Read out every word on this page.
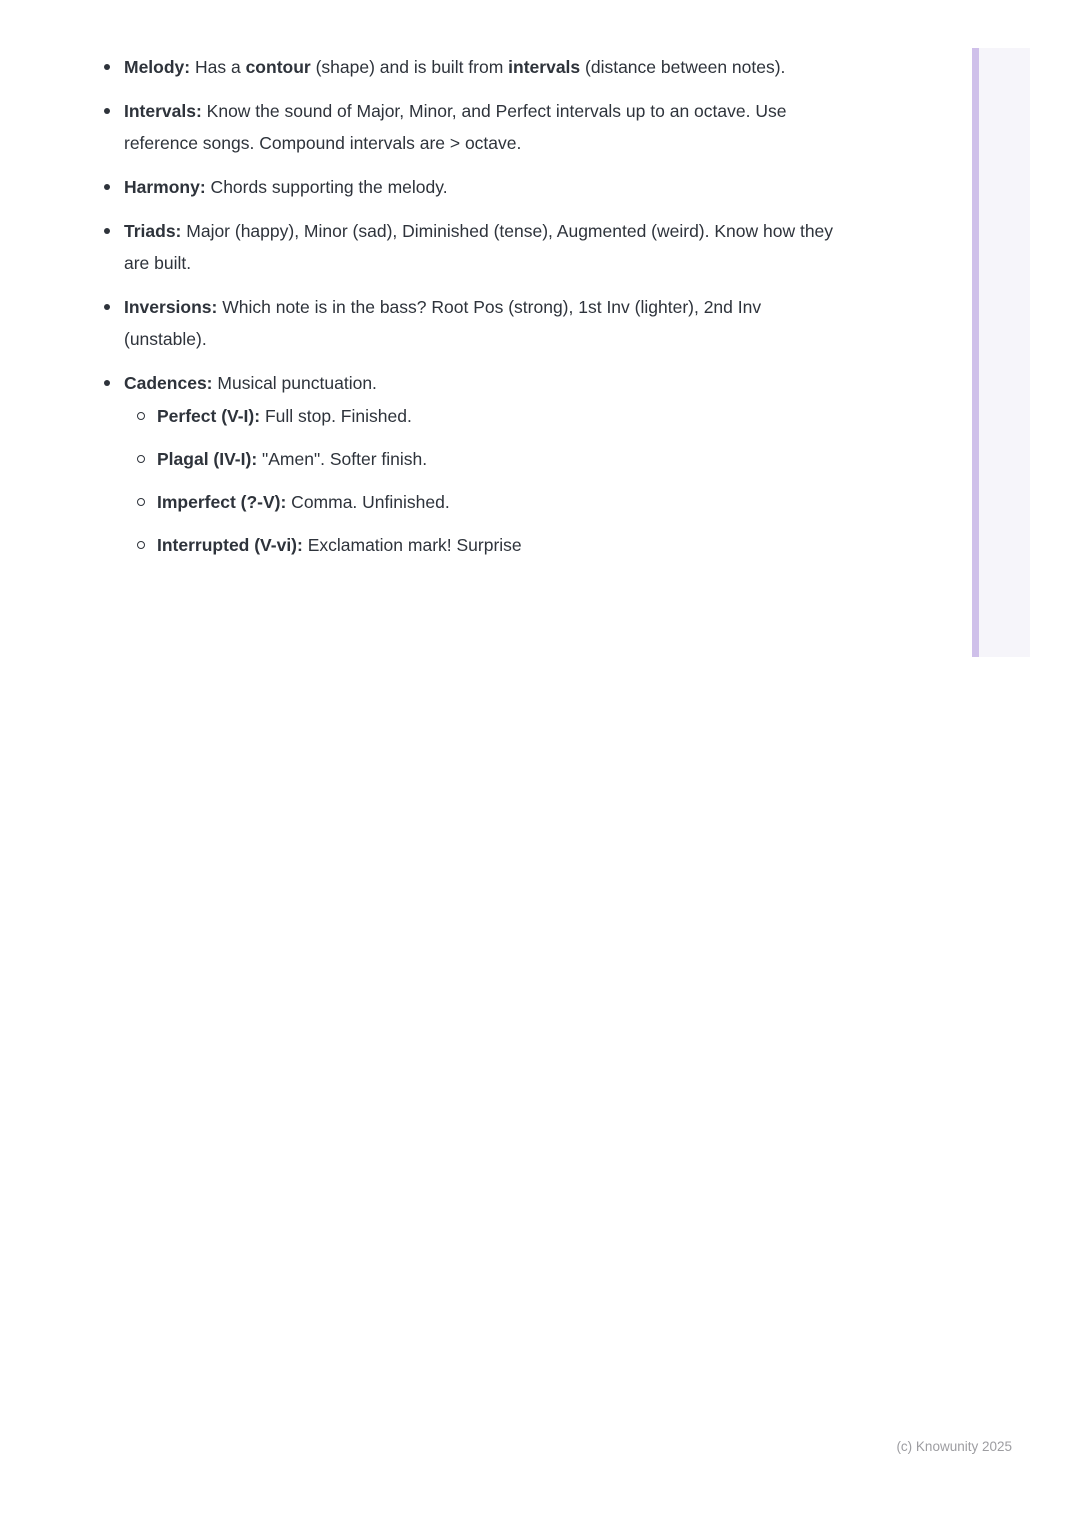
Melody: Has a contour (shape) and is built from intervals (distance between notes).
Intervals: Know the sound of Major, Minor, and Perfect intervals up to an octave. Use reference songs. Compound intervals are > octave.
Harmony: Chords supporting the melody.
Triads: Major (happy), Minor (sad), Diminished (tense), Augmented (weird). Know how they are built.
Inversions: Which note is in the bass? Root Pos (strong), 1st Inv (lighter), 2nd Inv (unstable).
Cadences: Musical punctuation.
Perfect (V-I): Full stop. Finished.
Plagal (IV-I): "Amen". Softer finish.
Imperfect (?-V): Comma. Unfinished.
Interrupted (V-vi): Exclamation mark! Surprise
(c) Knowunity 2025
